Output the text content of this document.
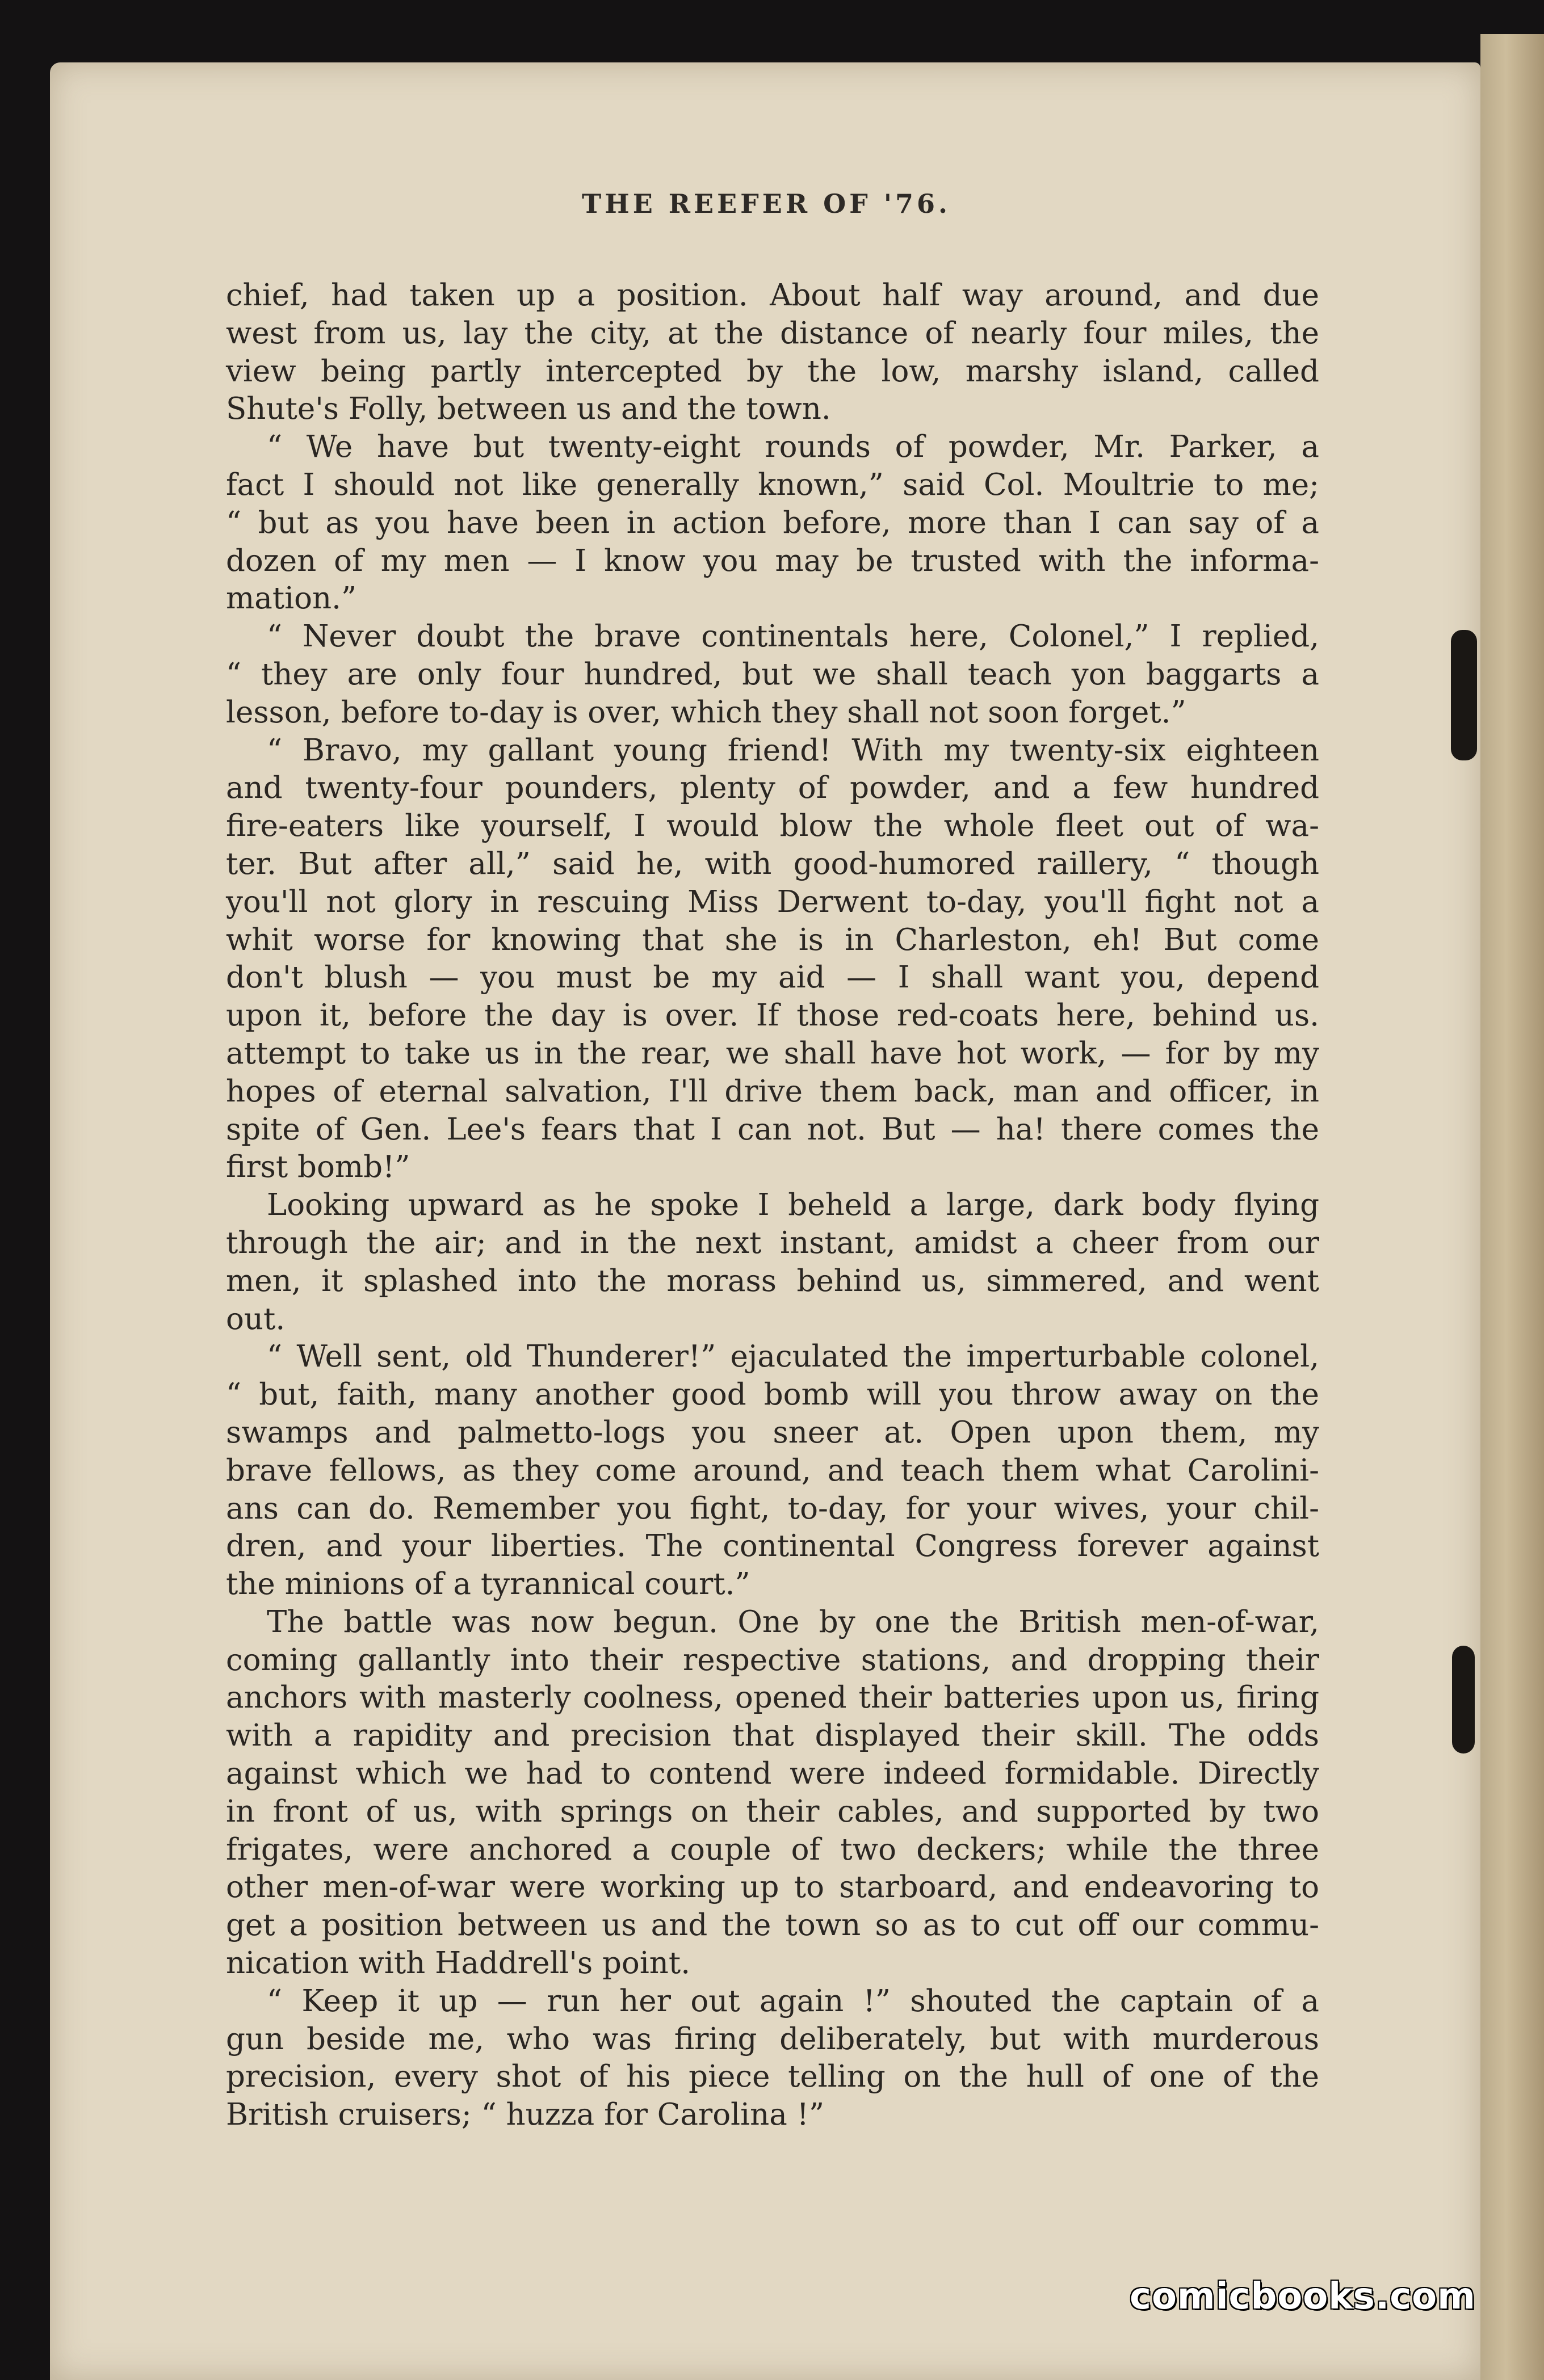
THE REEFER OF '76.

chief, had taken up a position. About half way around, and due

west from us, lay the city, at the distance of nearly four miles, the

view being partly intercepted by the low, marshy island, called

Shute's Folly, between us and the town.

“ We have but twenty-eight rounds of powder, Mr. Parker, a

fact I should not like generally known,” said Col. Moultrie to me;

“ but as you have been in action before, more than I can say of a

dozen of my men — I know you may be trusted with the informa-

mation.”

“ Never doubt the brave continentals here, Colonel,” I replied,

“ they are only four hundred, but we shall teach yon baggarts a

lesson, before to-day is over, which they shall not soon forget.”

“ Bravo, my gallant young friend! With my twenty-six eighteen

and twenty-four pounders, plenty of powder, and a few hundred

fire-eaters like yourself, I would blow the whole fleet out of wa-

ter. But after all,” said he, with good-humored raillery, “ though

you'll not glory in rescuing Miss Derwent to-day, you'll fight not a

whit worse for knowing that she is in Charleston, eh! But come

don't blush — you must be my aid — I shall want you, depend

upon it, before the day is over. If those red-coats here, behind us.

attempt to take us in the rear, we shall have hot work, — for by my

hopes of eternal salvation, I'll drive them back, man and officer, in

spite of Gen. Lee's fears that I can not. But — ha! there comes the

first bomb!”

Looking upward as he spoke I beheld a large, dark body flying

through the air; and in the next instant, amidst a cheer from our

men, it splashed into the morass behind us, simmered, and went

out.

“ Well sent, old Thunderer!” ejaculated the imperturbable colonel,

“ but, faith, many another good bomb will you throw away on the

swamps and palmetto-logs you sneer at. Open upon them, my

brave fellows, as they come around, and teach them what Carolini-

ans can do. Remember you fight, to-day, for your wives, your chil-

dren, and your liberties. The continental Congress forever against

the minions of a tyrannical court.”

The battle was now begun. One by one the British men-of-war,

coming gallantly into their respective stations, and dropping their

anchors with masterly coolness, opened their batteries upon us, firing

with a rapidity and precision that displayed their skill. The odds

against which we had to contend were indeed formidable. Directly

in front of us, with springs on their cables, and supported by two

frigates, were anchored a couple of two deckers; while the three

other men-of-war were working up to starboard, and endeavoring to

get a position between us and the town so as to cut off our commu-

nication with Haddrell's point.

“ Keep it up — run her out again !” shouted the captain of a

gun beside me, who was firing deliberately, but with murderous

precision, every shot of his piece telling on the hull of one of the

British cruisers; “ huzza for Carolina !”

comicbooks.com
